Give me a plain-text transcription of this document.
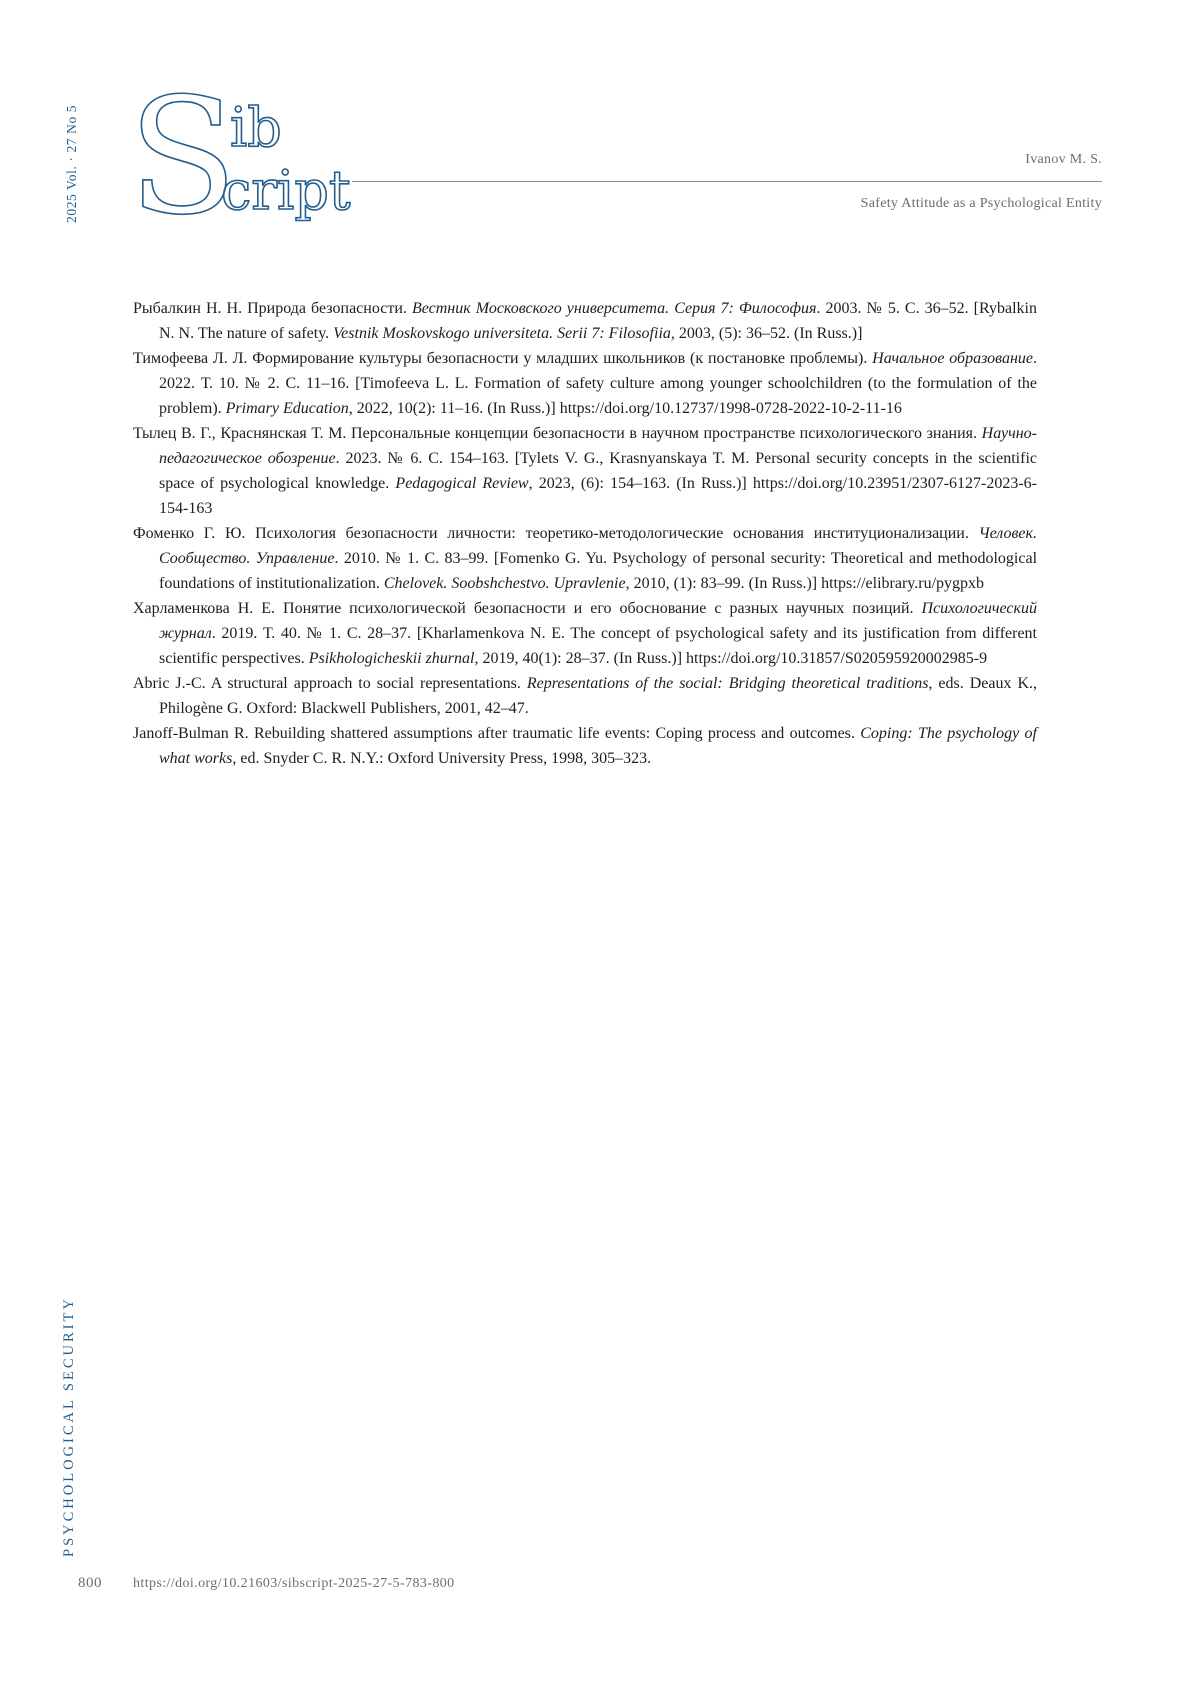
S
ib
cript
2025 Vol. · 27 No 5
PSYCHOLOGICAL SECURITY
Ivanov M. S.
Safety Attitude as a Psychological Entity

Рыбалкин Н. Н. Природа безопасности. Вестник Московского университета. Серия 7: Философия. 2003. № 5. С. 36–52. [Rybalkin N. N. The nature of safety. Vestnik Moskovskogo universiteta. Serii 7: Filosofiia, 2003, (5): 36–52. (In Russ.)]

Тимофеева Л. Л. Формирование культуры безопасности у младших школьников (к постановке проблемы). Начальное образование. 2022. Т. 10. № 2. С. 11–16. [Timofeeva L. L. Formation of safety culture among younger schoolchildren (to the formulation of the problem). Primary Education, 2022, 10(2): 11–16. (In Russ.)] https://doi.org/10.12737/1998-0728-2022-10-2-11-16

Тылец В. Г., Краснянская Т. М. Персональные концепции безопасности в научном пространстве психологического знания. Научно-педагогическое обозрение. 2023. № 6. С. 154–163. [Tylets V. G., Krasnyanskaya T. M. Personal security concepts in the scientific space of psychological knowledge. Pedagogical Review, 2023, (6): 154–163. (In Russ.)] https://doi.org/10.23951/2307-6127-2023-6-154-163

Фоменко Г. Ю. Психология безопасности личности: теоретико-методологические основания институционализации. Человек. Сообщество. Управление. 2010. № 1. С. 83–99. [Fomenko G. Yu. Psychology of personal security: Theoretical and methodological foundations of institutionalization. Chelovek. Soobshchestvo. Upravlenie, 2010, (1): 83–99. (In Russ.)] https://elibrary.ru/pygpxb

Харламенкова Н. Е. Понятие психологической безопасности и его обоснование с разных научных позиций. Психологический журнал. 2019. Т. 40. № 1. С. 28–37. [Kharlamenkova N. E. The concept of psychological safety and its justification from different scientific perspectives. Psikhologicheskii zhurnal, 2019, 40(1): 28–37. (In Russ.)] https://doi.org/10.31857/S020595920002985-9

Abric J.-C. A structural approach to social representations. Representations of the social: Bridging theoretical traditions, eds. Deaux K., Philogène G. Oxford: Blackwell Publishers, 2001, 42–47.

Janoff-Bulman R. Rebuilding shattered assumptions after traumatic life events: Coping process and outcomes. Coping: The psychology of what works, ed. Snyder C. R. N.Y.: Oxford University Press, 1998, 305–323.

800 https://doi.org/10.21603/sibscript-2025-27-5-783-800
